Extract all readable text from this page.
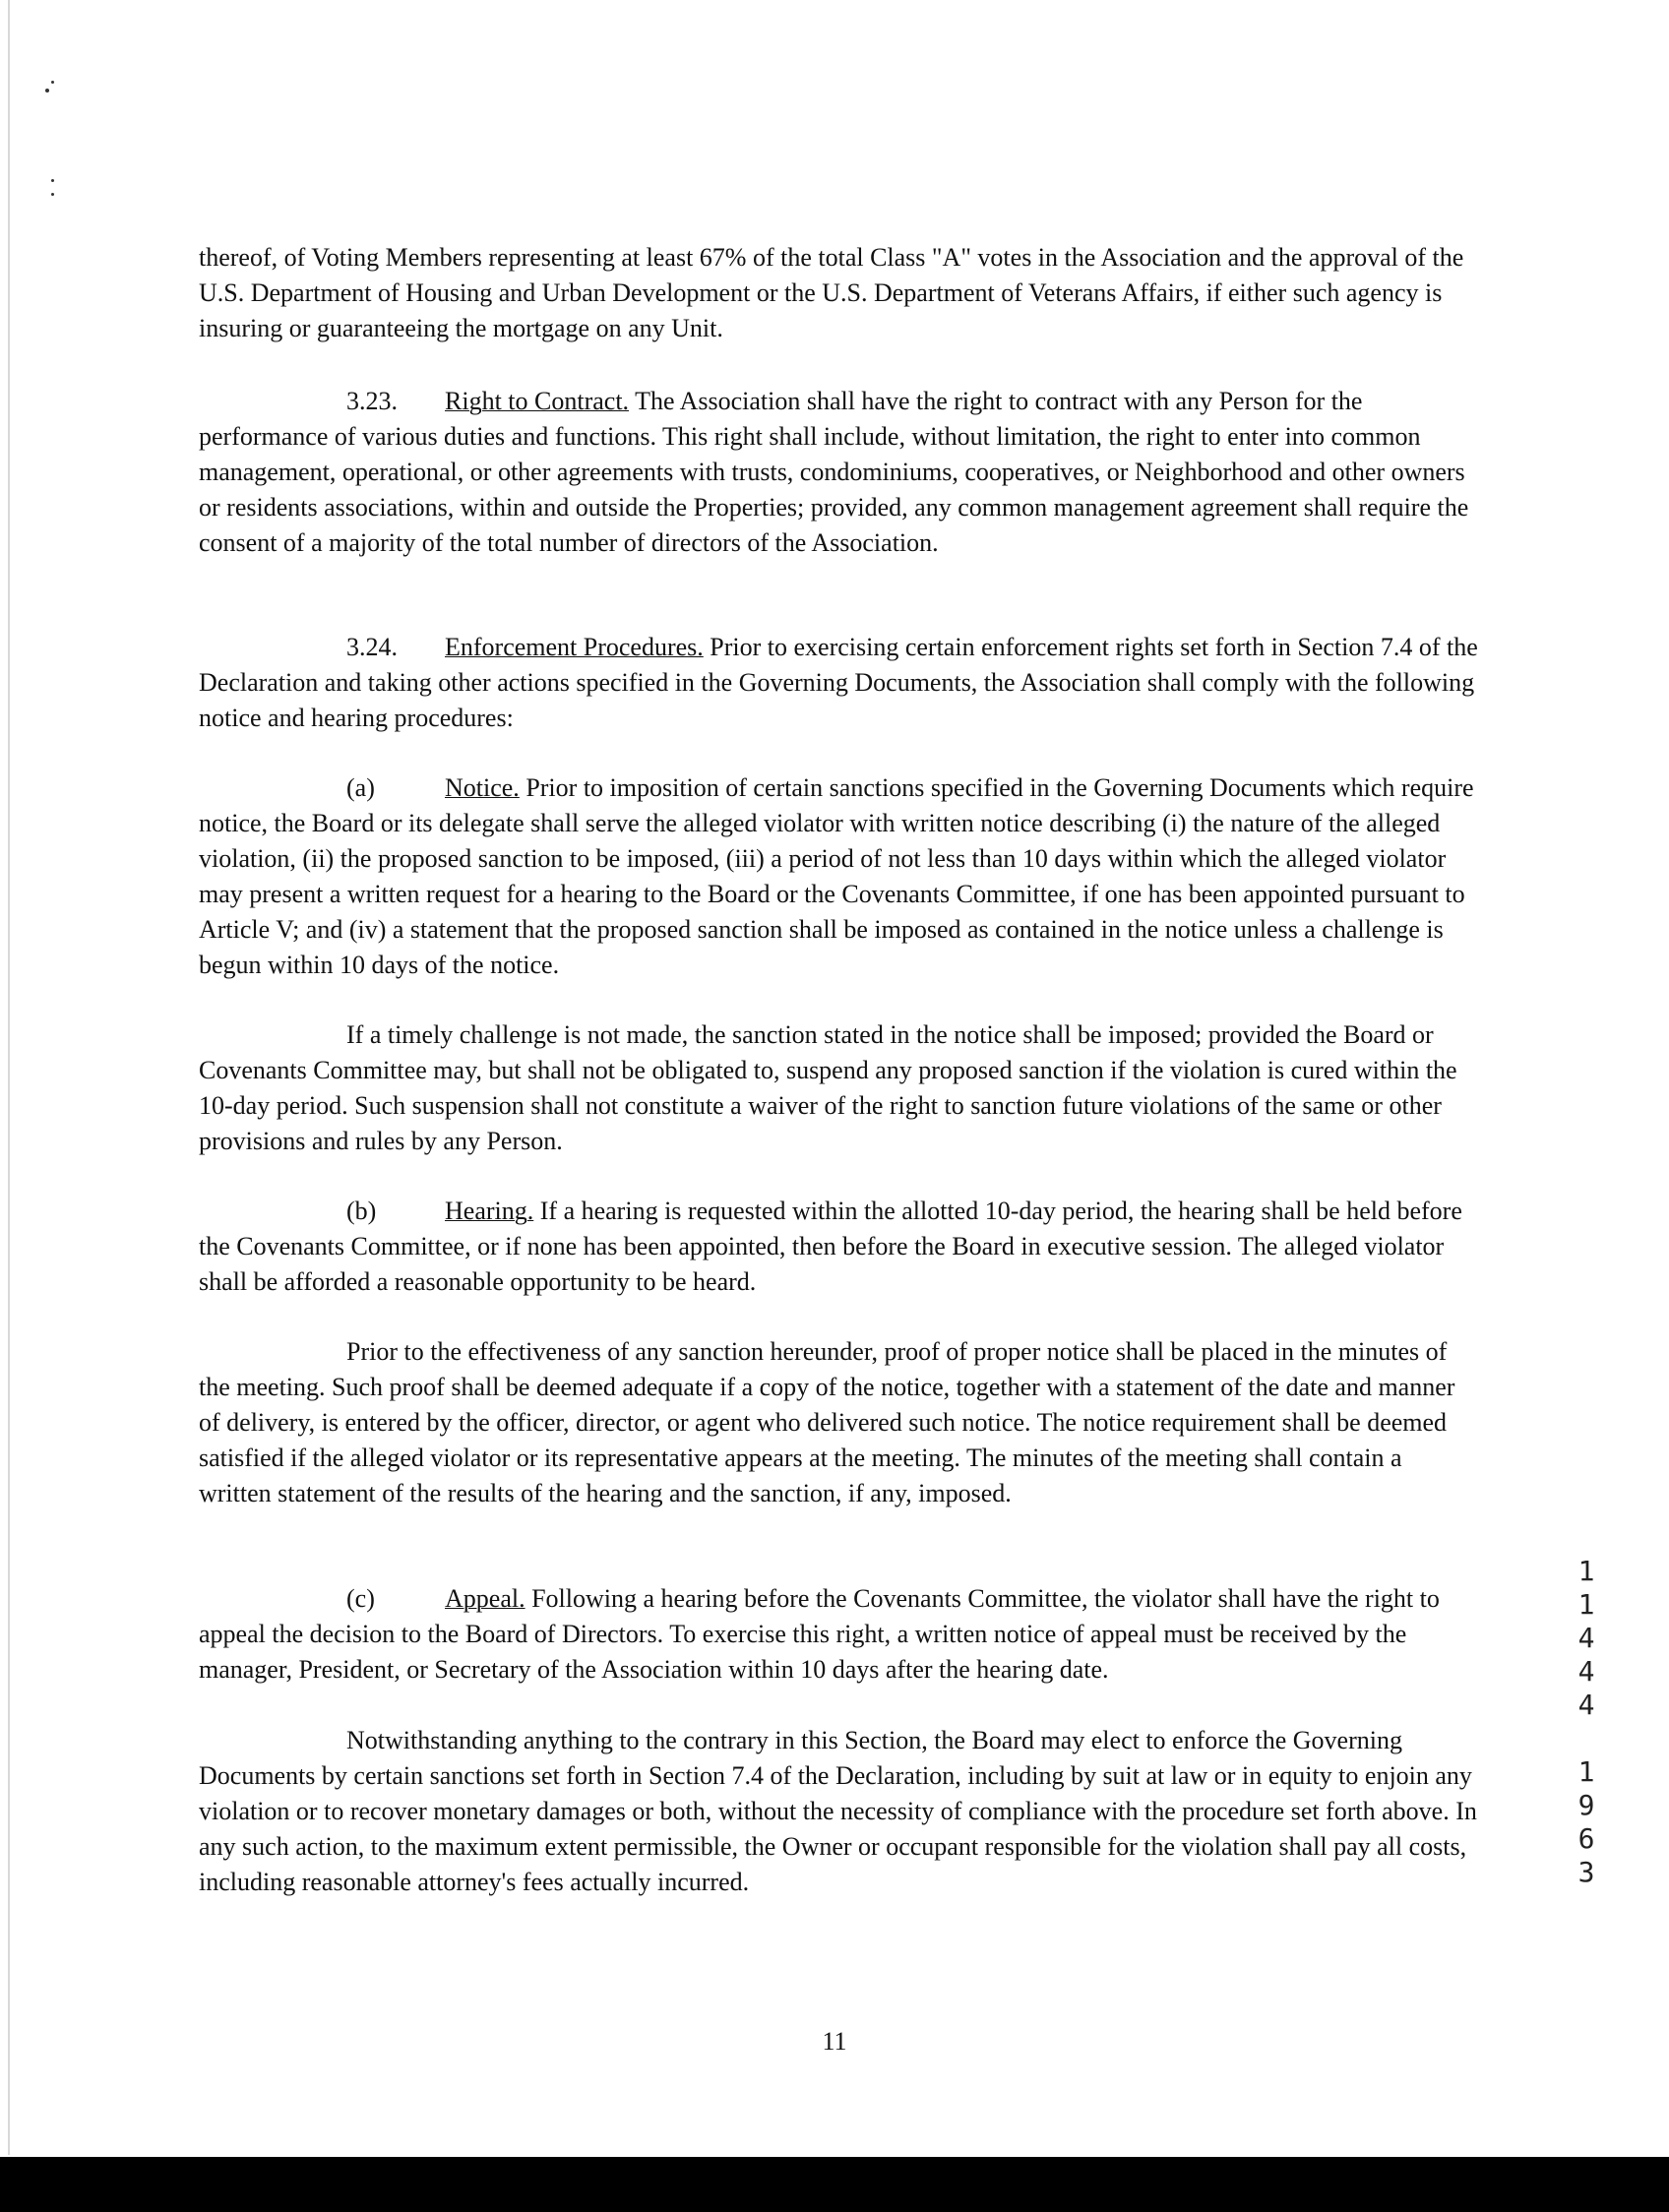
thereof, of Voting Members representing at least 67% of the total Class "A" votes in the Association and the approval of the U.S. Department of Housing and Urban Development or the U.S. Department of Veterans Affairs, if either such agency is insuring or guaranteeing the mortgage on any Unit.

3.23. Right to Contract. The Association shall have the right to contract with any Person for the performance of various duties and functions. This right shall include, without limitation, the right to enter into common management, operational, or other agreements with trusts, condominiums, cooperatives, or Neighborhood and other owners or residents associations, within and outside the Properties; provided, any common management agreement shall require the consent of a majority of the total number of directors of the Association.

3.24. Enforcement Procedures. Prior to exercising certain enforcement rights set forth in Section 7.4 of the Declaration and taking other actions specified in the Governing Documents, the Association shall comply with the following notice and hearing procedures:

(a)	Notice. Prior to imposition of certain sanctions specified in the Governing Documents which require notice, the Board or its delegate shall serve the alleged violator with written notice describing (i) the nature of the alleged violation, (ii) the proposed sanction to be imposed, (iii) a period of not less than 10 days within which the alleged violator may present a written request for a hearing to the Board or the Covenants Committee, if one has been appointed pursuant to Article V; and (iv) a statement that the proposed sanction shall be imposed as contained in the notice unless a challenge is begun within 10 days of the notice.

If a timely challenge is not made, the sanction stated in the notice shall be imposed; provided the Board or Covenants Committee may, but shall not be obligated to, suspend any proposed sanction if the violation is cured within the 10-day period. Such suspension shall not constitute a waiver of the right to sanction future violations of the same or other provisions and rules by any Person.

(b)	Hearing. If a hearing is requested within the allotted 10-day period, the hearing shall be held before the Covenants Committee, or if none has been appointed, then before the Board in executive session. The alleged violator shall be afforded a reasonable opportunity to be heard.

Prior to the effectiveness of any sanction hereunder, proof of proper notice shall be placed in the minutes of the meeting. Such proof shall be deemed adequate if a copy of the notice, together with a statement of the date and manner of delivery, is entered by the officer, director, or agent who delivered such notice. The notice requirement shall be deemed satisfied if the alleged violator or its representative appears at the meeting. The minutes of the meeting shall contain a written statement of the results of the hearing and the sanction, if any, imposed.

(c)	Appeal. Following a hearing before the Covenants Committee, the violator shall have the right to appeal the decision to the Board of Directors. To exercise this right, a written notice of appeal must be received by the manager, President, or Secretary of the Association within 10 days after the hearing date.

Notwithstanding anything to the contrary in this Section, the Board may elect to enforce the Governing Documents by certain sanctions set forth in Section 7.4 of the Declaration, including by suit at law or in equity to enjoin any violation or to recover monetary damages or both, without the necessity of compliance with the procedure set forth above. In any such action, to the maximum extent permissible, the Owner or occupant responsible for the violation shall pay all costs, including reasonable attorney's fees actually incurred.

11
1
1
4
4
4

1
9
6
3
